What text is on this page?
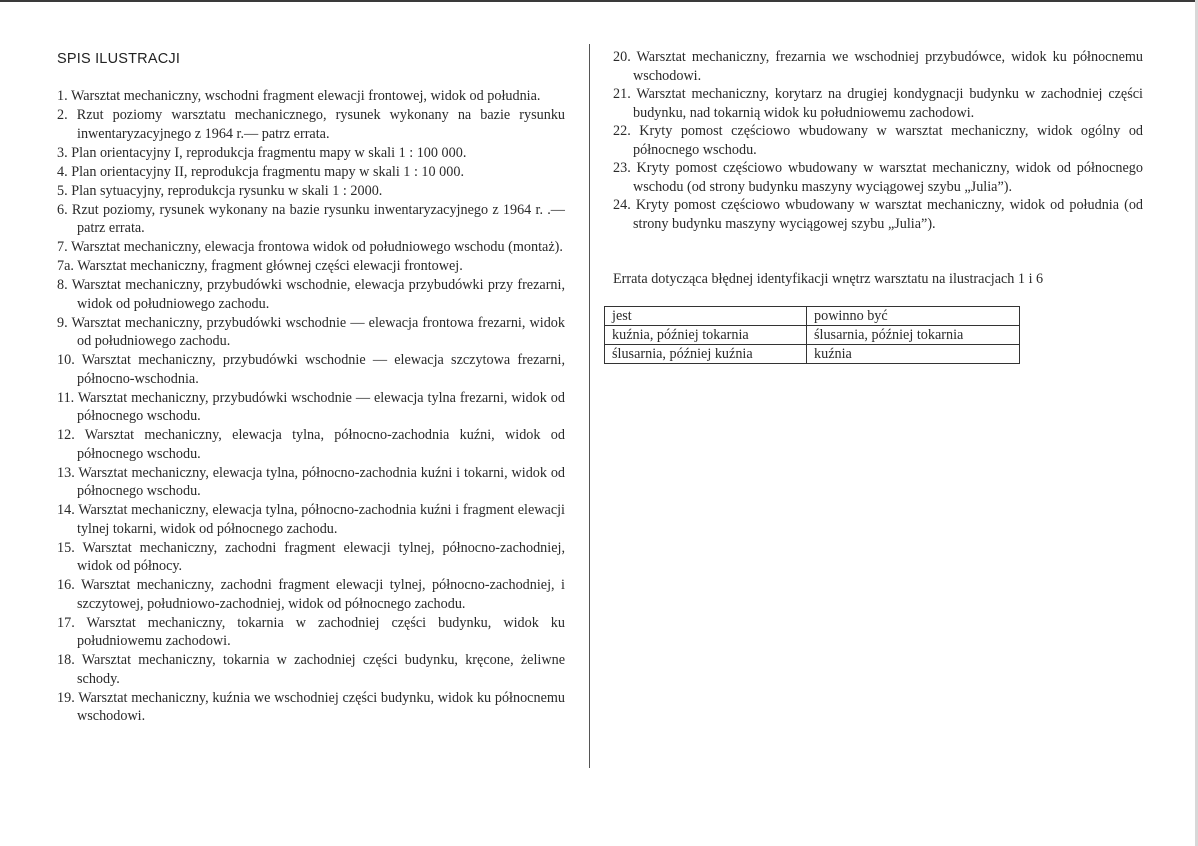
SPIS ILUSTRACJI
1. Warsztat mechaniczny, wschodni fragment elewacji frontowej, widok od południa.
2. Rzut poziomy warsztatu mechanicznego, rysunek wykonany na bazie rysunku inwentaryzacyjnego z 1964 r.— patrz errata.
3. Plan orientacyjny I, reprodukcja fragmentu mapy w skali 1 : 100 000.
4. Plan orientacyjny II, reprodukcja fragmentu mapy w skali 1 : 10 000.
5. Plan sytuacyjny, reprodukcja rysunku w skali 1 : 2000.
6. Rzut poziomy, rysunek wykonany na bazie rysunku inwentaryzacyjnego z 1964 r. .— patrz errata.
7. Warsztat mechaniczny, elewacja frontowa widok od południowego wschodu (montaż).
7a. Warsztat mechaniczny, fragment głównej części elewacji frontowej.
8. Warsztat mechaniczny, przybudówki wschodnie, elewacja przybudówki przy frezarni, widok od południowego zachodu.
9. Warsztat mechaniczny, przybudówki wschodnie — elewacja frontowa frezarni, widok od południowego zachodu.
10. Warsztat mechaniczny, przybudówki wschodnie — elewacja szczytowa frezarni, północno-wschodnia.
11. Warsztat mechaniczny, przybudówki wschodnie — elewacja tylna frezarni, widok od północnego wschodu.
12. Warsztat mechaniczny, elewacja tylna, północno-zachodnia kuźni, widok od północnego wschodu.
13. Warsztat mechaniczny, elewacja tylna, północno-zachodnia kuźni i tokarni, widok od północnego wschodu.
14. Warsztat mechaniczny, elewacja tylna, północno-zachodnia kuźni i fragment elewacji tylnej tokarni, widok od północnego zachodu.
15. Warsztat mechaniczny, zachodni fragment elewacji tylnej, północno-zachodniej, widok od północy.
16. Warsztat mechaniczny, zachodni fragment elewacji tylnej, północno-zachodniej, i szczytowej, południowo-zachodniej, widok od północnego zachodu.
17. Warsztat mechaniczny, tokarnia w zachodniej części budynku, widok ku południowemu zachodowi.
18. Warsztat mechaniczny, tokarnia w zachodniej części budynku, kręcone, żeliwne schody.
19. Warsztat mechaniczny, kuźnia we wschodniej części budynku, widok ku północnemu wschodowi.
20. Warsztat mechaniczny, frezarnia we wschodniej przybudówce, widok ku północnemu wschodowi.
21. Warsztat mechaniczny, korytarz na drugiej kondygnacji budynku w zachodniej części budynku, nad tokarnią widok ku południowemu zachodowi.
22. Kryty pomost częściowo wbudowany w warsztat mechaniczny, widok ogólny od północnego wschodu.
23. Kryty pomost częściowo wbudowany w warsztat mechaniczny, widok od północnego wschodu (od strony budynku maszyny wyciągowej szybu „Julia”).
24. Kryty pomost częściowo wbudowany w warsztat mechaniczny, widok od południa (od strony budynku maszyny wyciągowej szybu „Julia”).
Errata dotycząca błędnej identyfikacji wnętrz warsztatu na ilustracjach 1 i 6
jest	powinno być
kuźnia, później tokarnia	ślusarnia, później tokarnia
ślusarnia, później kuźnia	kuźnia
